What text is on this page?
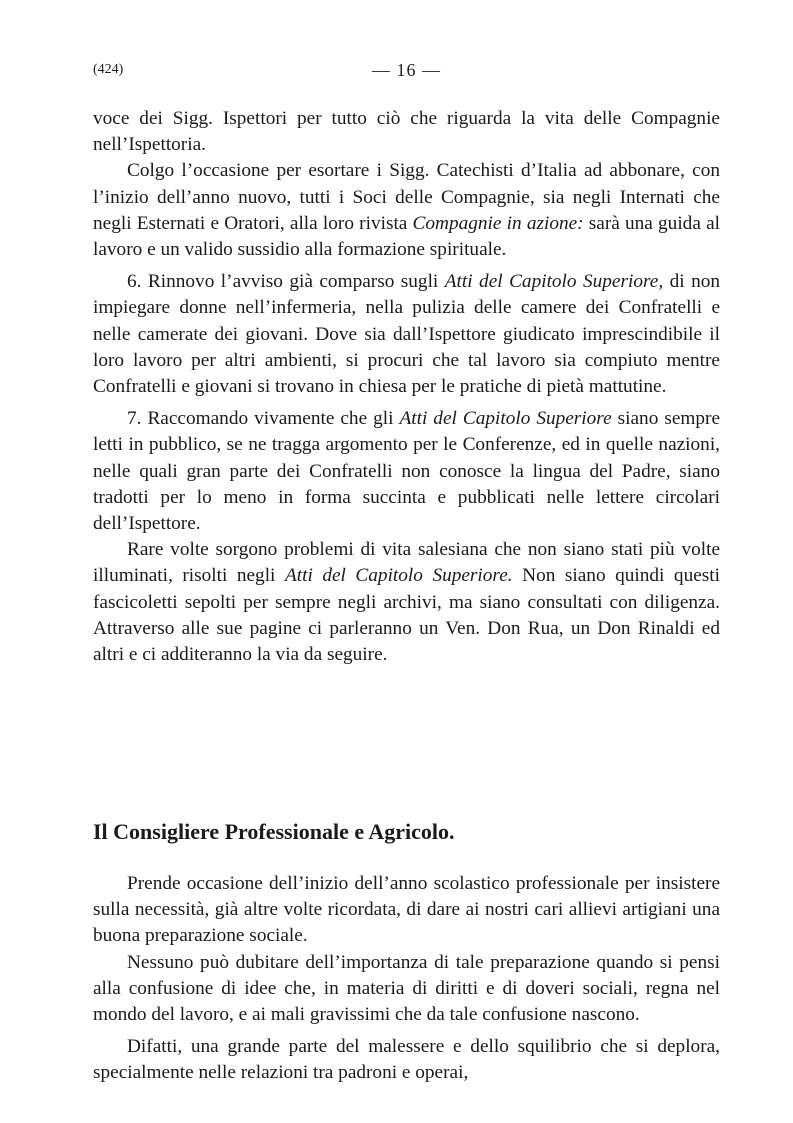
(424)	— 16 —

voce dei Sigg. Ispettori per tutto ciò che riguarda la vita delle Compagnie nell’Ispettoria.

Colgo l’occasione per esortare i Sigg. Catechisti d’Italia ad abbonare, con l’inizio dell’anno nuovo, tutti i Soci delle Compagnie, sia negli Internati che negli Esternati e Oratori, alla loro rivista Compagnie in azione: sarà una guida al lavoro e un valido sussidio alla formazione spirituale.

6. Rinnovo l’avviso già comparso sugli Atti del Capitolo Superiore, di non impiegare donne nell’infermeria, nella pulizia delle camere dei Confratelli e nelle camerate dei giovani. Dove sia dall’Ispettore giudicato imprescindibile il loro lavoro per altri ambienti, si procuri che tal lavoro sia compiuto mentre Confratelli e giovani si trovano in chiesa per le pratiche di pietà mattutine.

7. Raccomando vivamente che gli Atti del Capitolo Superiore siano sempre letti in pubblico, se ne tragga argomento per le Conferenze, ed in quelle nazioni, nelle quali gran parte dei Confratelli non conosce la lingua del Padre, siano tradotti per lo meno in forma succinta e pubblicati nelle lettere circolari dell’Ispettore.

Rare volte sorgono problemi di vita salesiana che non siano stati più volte illuminati, risolti negli Atti del Capitolo Superiore. Non siano quindi questi fascicoletti sepolti per sempre negli archivi, ma siano consultati con diligenza. Attraverso alle sue pagine ci parleranno un Ven. Don Rua, un Don Rinaldi ed altri e ci additeranno la via da seguire.

Il Consigliere Professionale e Agricolo.

Prende occasione dell’inizio dell’anno scolastico professionale per insistere sulla necessità, già altre volte ricordata, di dare ai nostri cari allievi artigiani una buona preparazione sociale.

Nessuno può dubitare dell’importanza di tale preparazione quando si pensi alla confusione di idee che, in materia di diritti e di doveri sociali, regna nel mondo del lavoro, e ai mali gravissimi che da tale confusione nascono.

Difatti, una grande parte del malessere e dello squilibrio che si deplora, specialmente nelle relazioni tra padroni e operai,
